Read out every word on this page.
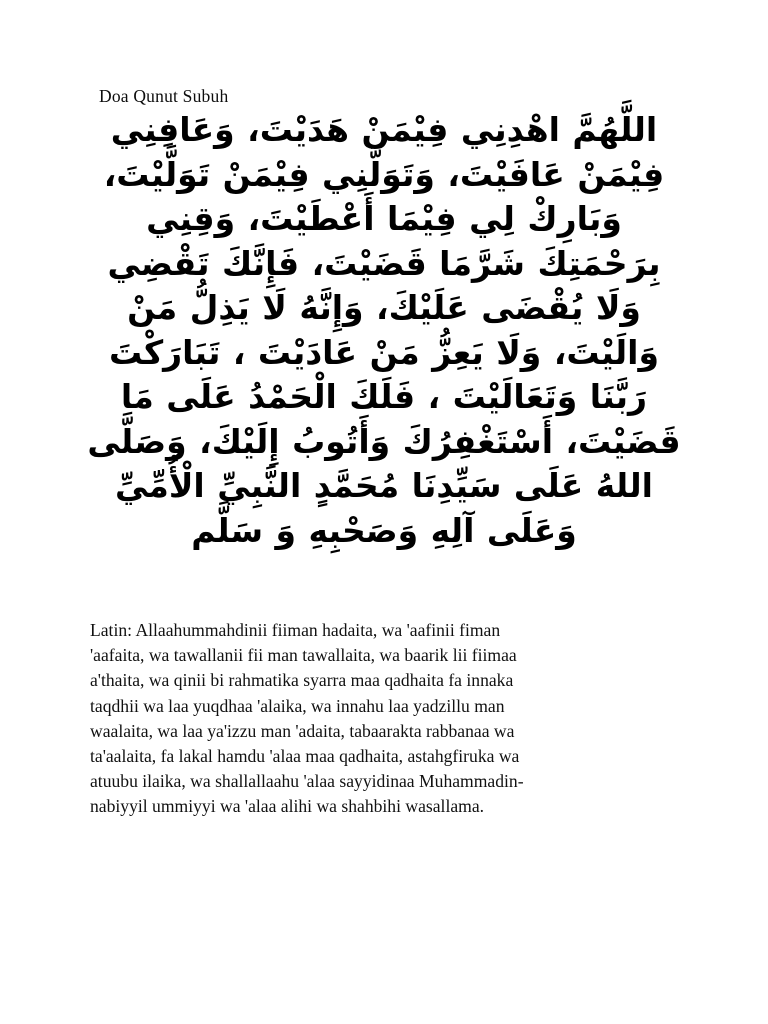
Doa Qunut Subuh
اللَّهُمَّ اهْدِنِي فِيْمَنْ هَدَيْتَ، وَعَافِنِي فِيْمَنْ عَافَيْتَ، وَتَوَلَّنِي فِيْمَنْ تَوَلَّيْتَ، وَبَارِكْ لِي فِيْمَا أَعْطَيْتَ، وَقِنِي بِرَحْمَتِكَ شَرَّمَا قَضَيْتَ، فَإِنَّكَ تَقْضِي وَلَا يُقْضَى عَلَيْكَ، وَإِنَّهُ لَا يَذِلُّ مَنْ وَالَيْتَ، وَلَا يَعِزُّ مَنْ عَادَيْتَ ، تَبَارَكْتَ رَبَّنَا وَتَعَالَيْتَ ، فَلَكَ الْحَمْدُ عَلَى مَا قَضَيْتَ، أَسْتَغْفِرُكَ وَأَتُوبُ إِلَيْكَ، وَصَلَّى اللهُ عَلَى سَيِّدِنَا مُحَمَّدٍ النَّبِيِّ الْأُمِّيِّ وَعَلَى آلِهِ وَصَحْبِهِ وَ سَلَّم
Latin: Allaahummahdinii fiiman hadaita, wa 'aafinii fiman
'aafaita, wa tawallanii fii man tawallaita, wa baarik lii fiimaa
a'thaita, wa qinii bi rahmatika syarra maa qadhaita fa innaka
taqdhii wa laa yuqdhaa 'alaika, wa innahu laa yadzillu man
waalaita, wa laa ya'izzu man 'adaita, tabaarakta rabbanaa wa
ta'aalaita, fa lakal hamdu 'alaa maa qadhaita, astahgfiruka wa
atuubu ilaika, wa shallallaahu 'alaa sayyidinaa Muhammadin-
nabiyyil ummiyyi wa 'alaa alihi wa shahbihi wasallama.
